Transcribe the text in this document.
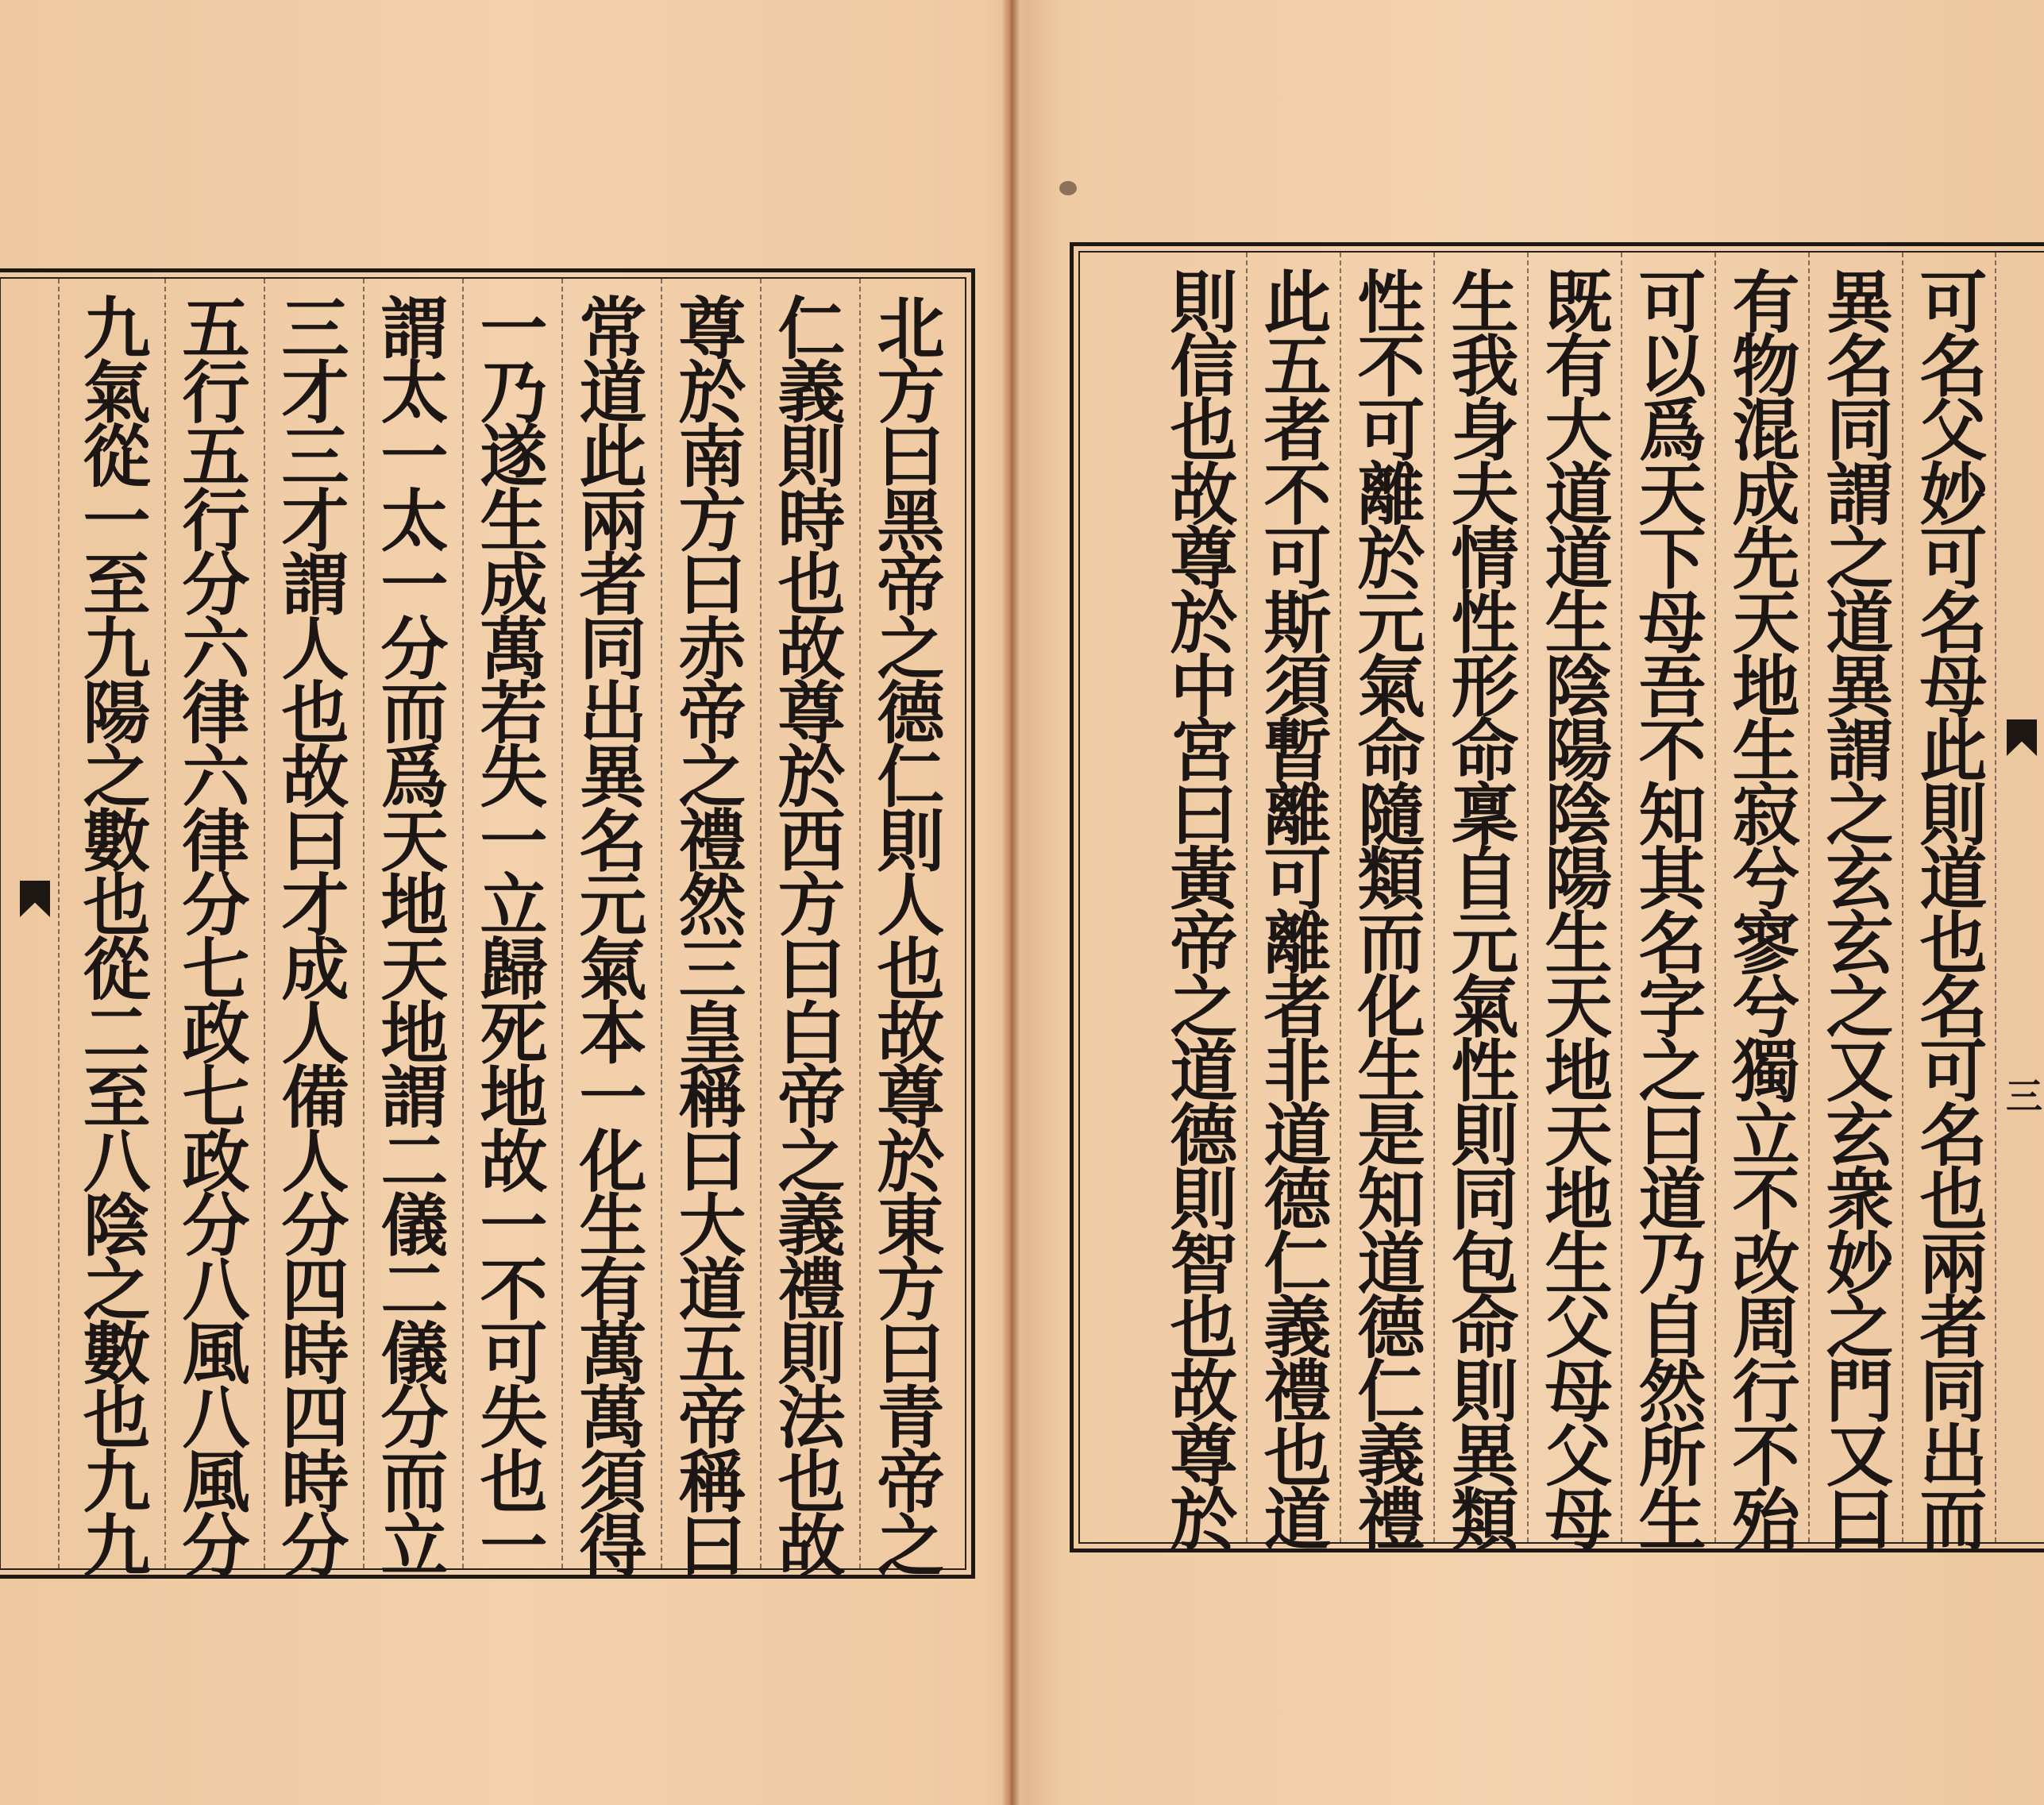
北方曰黑帝之德仁則人也故尊於東方曰青帝之
仁義則時也故尊於西方曰白帝之義禮則法也故
尊於南方曰赤帝之禮然三皇稱曰大道五帝稱曰
常道此兩者同出異名元氣本一化生有萬萬須得
一乃遂生成萬若失一立歸死地故一不可失也一
謂太一太一分而爲天地天地謂二儀二儀分而立
三才三才謂人也故曰才成人備人分四時四時分
五行五行分六律六律分七政七政分八風八風分
九氣從一至九陽之數也從二至八陰之數也九九	三
可名父妙可名母此則道也名可名也兩者同出而
異名同謂之道異謂之玄玄之又玄衆妙之門又曰
有物混成先天地生寂兮寥兮獨立不改周行不殆
可以爲天下母吾不知其名字之曰道乃自然所生
既有大道道生陰陽陰陽生天地天地生父母父母
生我身夫情性形命稟自元氣性則同包命則異類
性不可離於元氣命隨類而化生是知道德仁義禮
此五者不可斯須暫離可離者非道德仁義禮也道
則信也故尊於中宮曰黃帝之道德則智也故尊於
